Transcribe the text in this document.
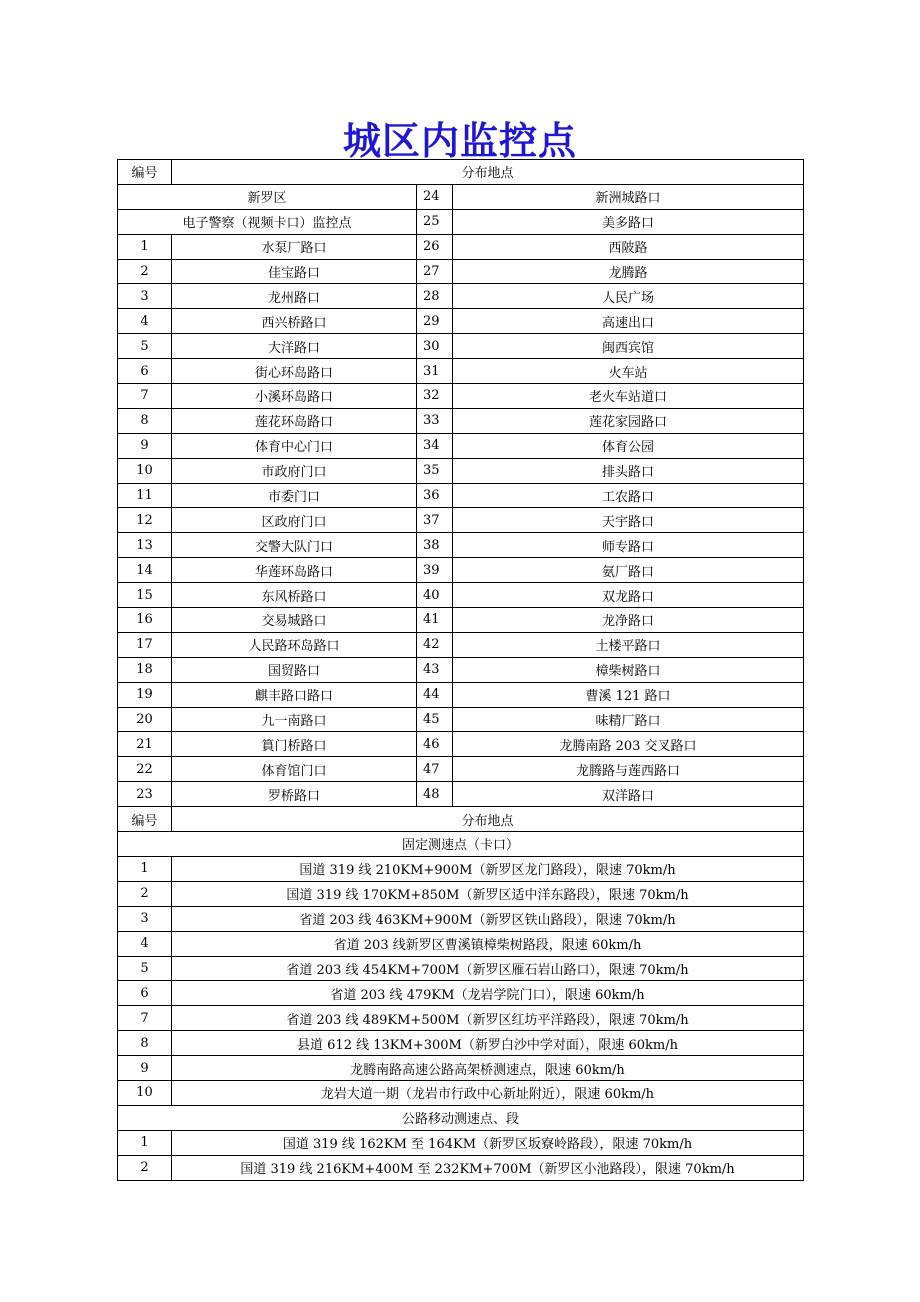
城区内监控点
编号	分布地点		
新罗区		24	新洲城路口
电子警察（视频卡口）监控点		25	美多路口
1	水泵厂路口	26	西陂路
2	佳宝路口	27	龙腾路
3	龙州路口	28	人民广场
4	西兴桥路口	29	高速出口
5	大洋路口	30	闽西宾馆
6	街心环岛路口	31	火车站
7	小溪环岛路口	32	老火车站道口
8	莲花环岛路口	33	莲花家园路口
9	体育中心门口	34	体育公园
10	市政府门口	35	排头路口
11	市委门口	36	工农路口
12	区政府门口	37	天宇路口
13	交警大队门口	38	师专路口
14	华莲环岛路口	39	氨厂路口
15	东风桥路口	40	双龙路口
16	交易城路口	41	龙净路口
17	人民路环岛路口	42	土楼平路口
18	国贸路口	43	樟柴树路口
19	麒丰路口路口	44	曹溪 121 路口
20	九一南路口	45	味精厂路口
21	篔门桥路口	46	龙腾南路 203 交叉路口
22	体育馆门口	47	龙腾路与莲西路口
23	罗桥路口	48	双洋路口
编号	分布地点		
固定测速点（卡口）			
1	国道 319 线 210KM+900M（新罗区龙门路段），限速 70km/h		
2	国道 319 线 170KM+850M（新罗区适中洋东路段），限速 70km/h		
3	省道 203 线 463KM+900M（新罗区铁山路段），限速 70km/h		
4	省道 203 线新罗区曹溪镇樟柴树路段，限速 60km/h		
5	省道 203 线 454KM+700M（新罗区雁石岩山路口），限速 70km/h		
6	省道 203 线 479KM（龙岩学院门口），限速 60km/h		
7	省道 203 线 489KM+500M（新罗区红坊平洋路段），限速 70km/h		
8	县道 612 线 13KM+300M（新罗白沙中学对面），限速 60km/h		
9	龙腾南路高速公路高架桥测速点，限速 60km/h		
10	龙岩大道一期（龙岩市行政中心新址附近），限速 60km/h		
公路移动测速点、段			
1	国道 319 线 162KM 至 164KM（新罗区坂寮岭路段），限速 70km/h		
2	国道 319 线 216KM+400M 至 232KM+700M（新罗区小池路段），限速 70km/h		
